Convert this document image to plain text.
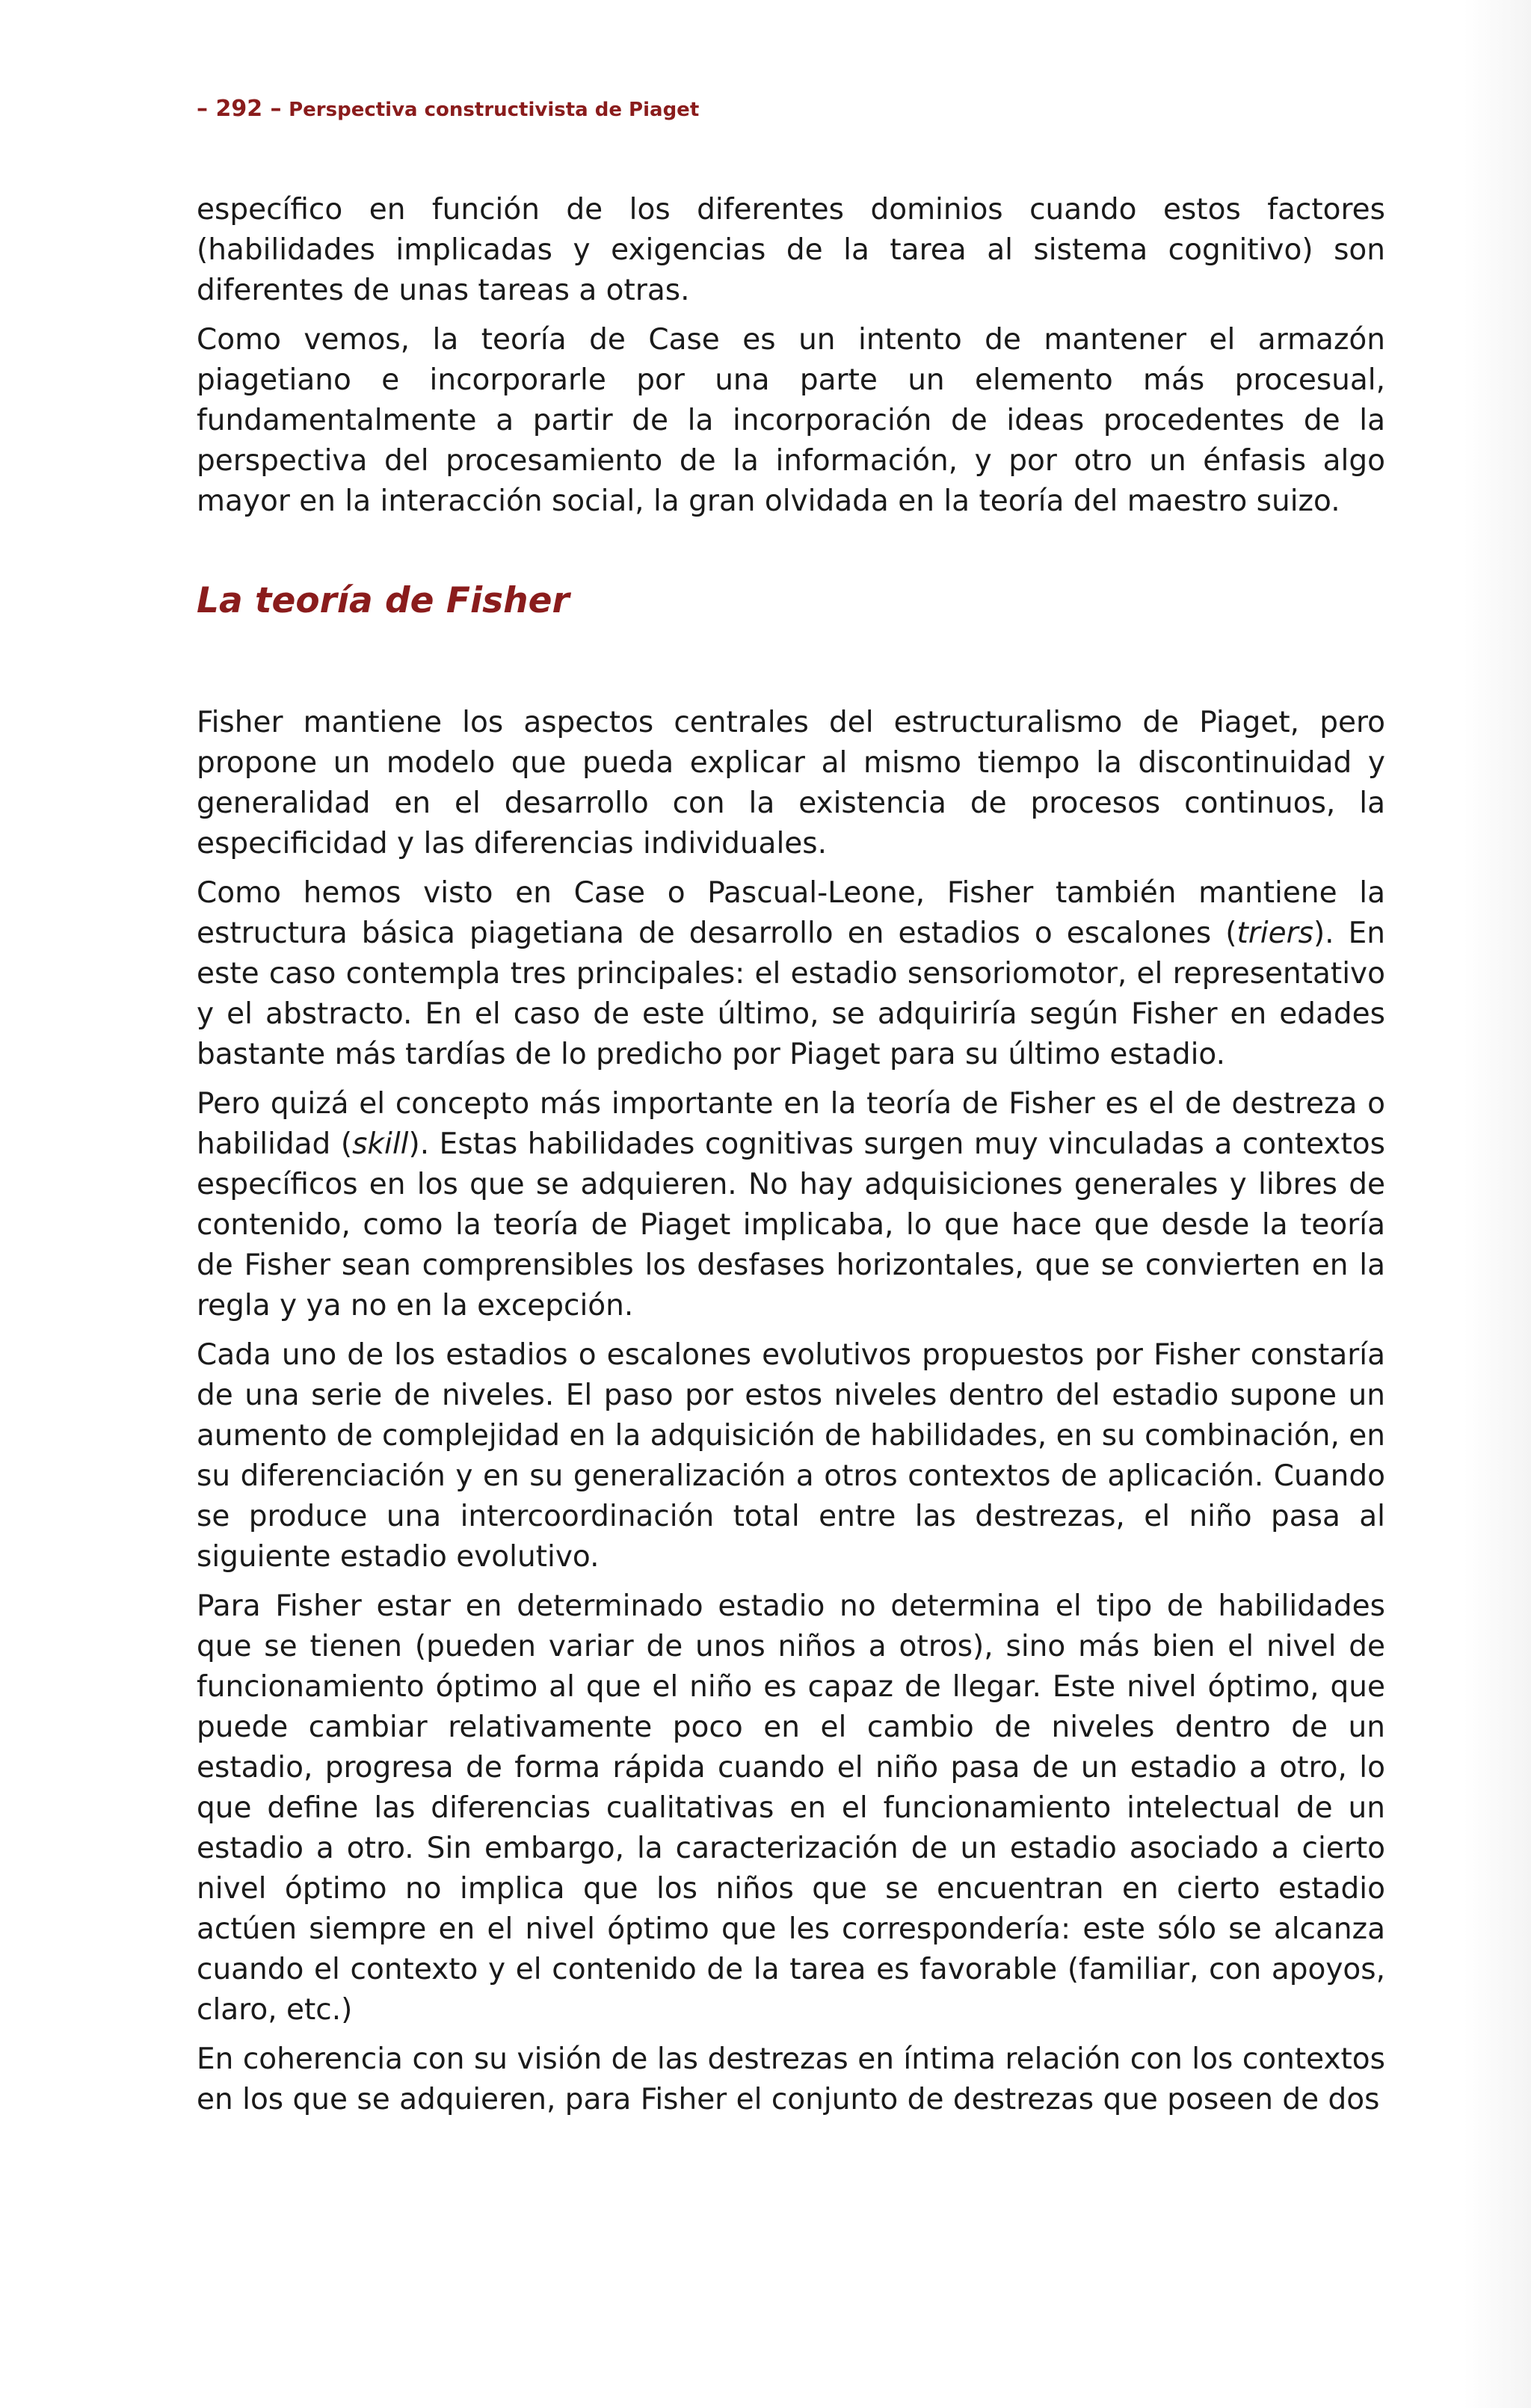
– 292 – Perspectiva constructivista de Piaget

específico en función de los diferentes dominios cuando estos factores (habilidades implicadas y exigencias de la tarea al sistema cognitivo) son diferentes de unas tareas a otras.

Como vemos, la teoría de Case es un intento de mantener el armazón piagetiano e incorporarle por una parte un elemento más procesual, fundamentalmente a partir de la incorporación de ideas procedentes de la perspectiva del procesamiento de la información, y por otro un énfasis algo mayor en la interacción social, la gran olvidada en la teoría del maestro suizo.

La teoría de Fisher

Fisher mantiene los aspectos centrales del estructuralismo de Piaget, pero propone un modelo que pueda explicar al mismo tiempo la discontinuidad y generalidad en el desarrollo con la existencia de procesos continuos, la especificidad y las diferencias individuales.

Como hemos visto en Case o Pascual-Leone, Fisher también mantiene la estructura básica piagetiana de desarrollo en estadios o escalones (triers). En este caso contempla tres principales: el estadio sensoriomotor, el representativo y el abstracto. En el caso de este último, se adquiriría según Fisher en edades bastante más tardías de lo predicho por Piaget para su último estadio.

Pero quizá el concepto más importante en la teoría de Fisher es el de destreza o habilidad (skill). Estas habilidades cognitivas surgen muy vinculadas a contextos específicos en los que se adquieren. No hay adquisiciones generales y libres de contenido, como la teoría de Piaget implicaba, lo que hace que desde la teoría de Fisher sean comprensibles los desfases horizontales, que se convierten en la regla y ya no en la excepción.

Cada uno de los estadios o escalones evolutivos propuestos por Fisher constaría de una serie de niveles. El paso por estos niveles dentro del estadio supone un aumento de complejidad en la adquisición de habilidades, en su combinación, en su diferenciación y en su generalización a otros contextos de aplicación. Cuando se produce una intercoordinación total entre las destrezas, el niño pasa al siguiente estadio evolutivo.

Para Fisher estar en determinado estadio no determina el tipo de habilidades que se tienen (pueden variar de unos niños a otros), sino más bien el nivel de funcionamiento óptimo al que el niño es capaz de llegar. Este nivel óptimo, que puede cambiar relativamente poco en el cambio de niveles dentro de un estadio, progresa de forma rápida cuando el niño pasa de un estadio a otro, lo que define las diferencias cualitativas en el funcionamiento intelectual de un estadio a otro. Sin embargo, la caracterización de un estadio asociado a cierto nivel óptimo no implica que los niños que se encuentran en cierto estadio actúen siempre en el nivel óptimo que les correspondería: este sólo se alcanza cuando el contexto y el contenido de la tarea es favorable (familiar, con apoyos, claro, etc.)

En coherencia con su visión de las destrezas en íntima relación con los contextos en los que se adquieren, para Fisher el conjunto de destrezas que poseen de dos
